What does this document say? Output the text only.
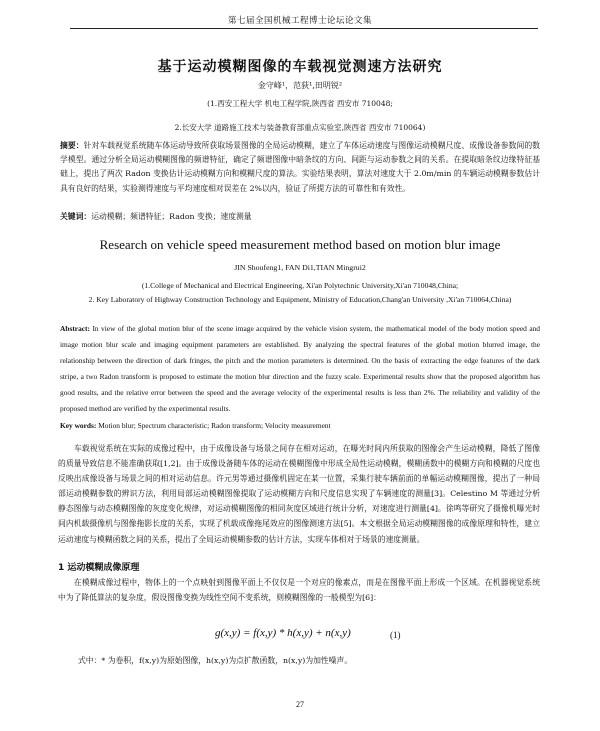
第七届全国机械工程博士论坛论文集
基于运动模糊图像的车载视觉测速方法研究
金守峰¹，范荻¹,田明锐²
(1.西安工程大学 机电工程学院,陕西省 西安市 710048;
2.长安大学 道路施工技术与装备教育部重点实验室,陕西省 西安市 710064)
摘要：针对车载视觉系统随车体运动导致所获取场景图像的全局运动模糊，建立了车体运动速度与图像运动模糊尺度、成像设备参数间的数学模型。通过分析全局运动模糊图像的频谱特征，确定了频谱图像中暗条纹的方向、间距与运动参数之间的关系。在提取暗条纹边缘特征基础上，提出了两次 Radon 变换估计运动模糊方向和模糊尺度的算法。实验结果表明，算法对速度大于 2.0m/min 的车辆运动模糊参数估计具有良好的结果，实验测得速度与平均速度相对误差在 2%以内，验证了所提方法的可靠性和有效性。
关键词：运动模糊；频谱特征；Radon 变换；速度测量
Research on vehicle speed measurement method based on motion blur image
JIN Shoufeng1, FAN Di1,TIAN Mingrui2
(1.College of Mechanical and Electrical Engineering, Xi'an Polytechnic University,Xi'an 710048,China;
2. Key Laboratory of Highway Construction Technology and Equipment, Ministry of Education,Chang'an University ,Xi'an 710064,China)
Abstract: In view of the global motion blur of the scene image acquired by the vehicle vision system, the mathematical model of the body motion speed and image motion blur scale and imaging equipment parameters are established. By analyzing the spectral features of the global motion blurred image, the relationship between the direction of dark fringes, the pitch and the motion parameters is determined. On the basis of extracting the edge features of the dark stripe, a two Radon transform is proposed to estimate the motion blur direction and the fuzzy scale. Experimental results show that the proposed algorithm has good results, and the relative error between the speed and the average velocity of the experimental results is less than 2%. The reliability and validity of the proposed method are verified by the experimental results.
Key words: Motion blur; Spectrum characteristic; Radon transform; Velocity measurement
车载视觉系统在实际的成像过程中，由于成像设备与场景之间存在相对运动，在曝光时间内所获取的图像会产生运动模糊，降低了图像的质量导致信息不能准确获取[1,2]。由于成像设备随车体的运动在模糊图像中形成全局性运动模糊，模糊函数中的模糊方向和模糊的尺度也反映出成像设备与场景之间的相对运动信息。许元男等通过摄像机固定在某一位置，采集行驶车辆前面的单幅运动模糊图像，提出了一种局部运动模糊参数的辨识方法，利用局部运动模糊图像提取了运动模糊方向和尺度信息实现了车辆速度的测量[3]。Celestino M 等通过分析静态图像与动态模糊图像的灰度变化规律，对运动模糊图像的相同灰度区域进行统计分析，对速度进行测量[4]。徐鸣等研究了摄像机曝光时间内机载摄像机与图像拖影长度的关系，实现了机载成像拖尾效应的图像测速方法[5]。本文根据全局运动模糊图像的成像原理和特性，建立运动速度与模糊函数之间的关系，提出了全局运动模糊参数的估计方法，实现车体相对于场景的速度测量。
1 运动模糊成像原理
在模糊成像过程中，物体上的一个点映射到图像平面上不仅仅是一个对应的像素点，而是在图像平面上形成一个区域。在机器视觉系统中为了降低算法的复杂度，假设图像变换为线性空间不变系统，则模糊图像的一般模型为[6]：
g(x,y) = f(x,y) * h(x,y) + n(x,y)	(1)
式中：* 为卷积，f(x,y)为原始图像，h(x,y)为点扩散函数，n(x,y)为加性噪声。
27
